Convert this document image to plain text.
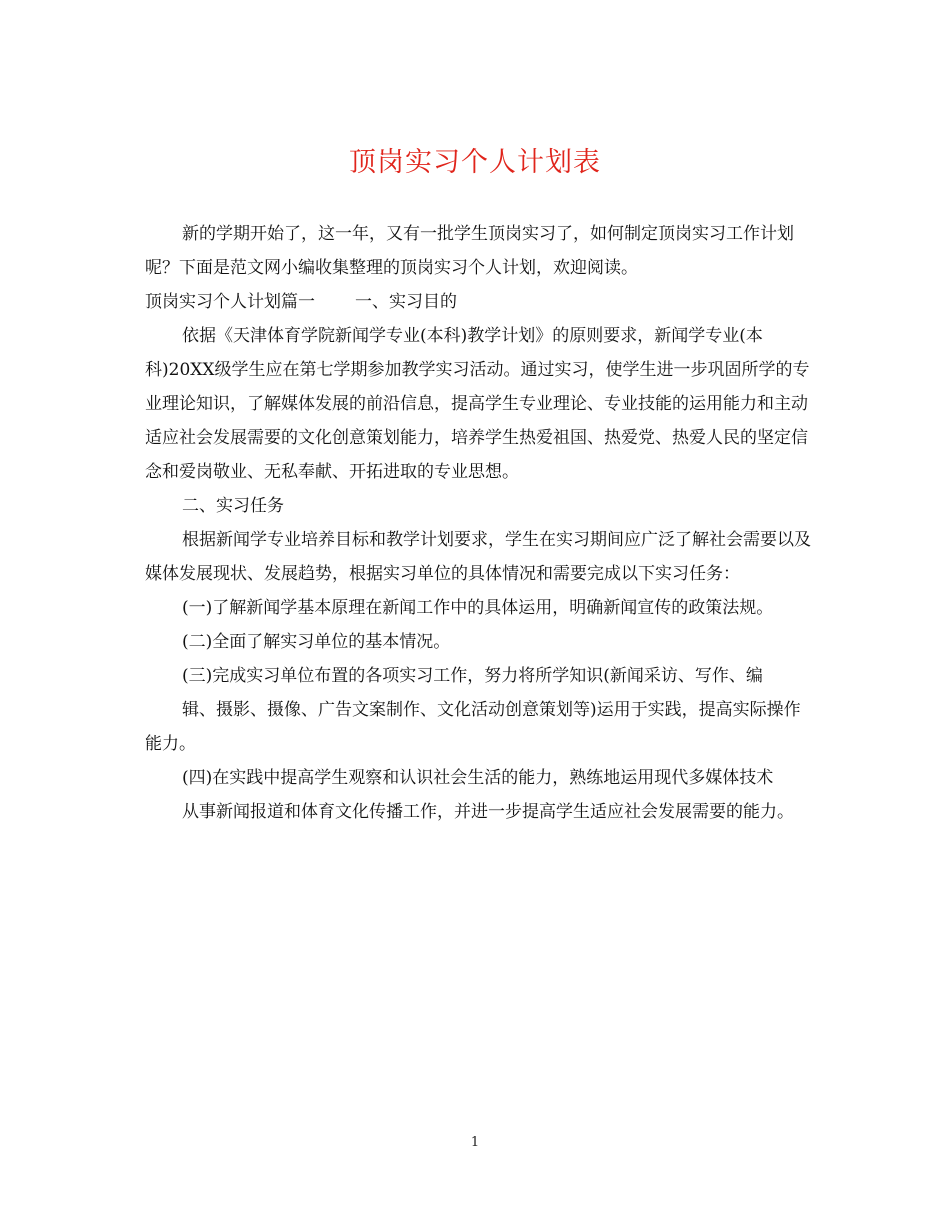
顶岗实习个人计划表

新的学期开始了，这一年，又有一批学生顶岗实习了，如何制定顶岗实习工作计划呢？下面是范文网小编收集整理的顶岗实习个人计划，欢迎阅读。

顶岗实习个人计划篇一 一、实习目的

依据《天津体育学院新闻学专业(本科)教学计划》的原则要求，新闻学专业(本科)20XX级学生应在第七学期参加教学实习活动。通过实习，使学生进一步巩固所学的专业理论知识，了解媒体发展的前沿信息，提高学生专业理论、专业技能的运用能力和主动适应社会发展需要的文化创意策划能力，培养学生热爱祖国、热爱党、热爱人民的坚定信念和爱岗敬业、无私奉献、开拓进取的专业思想。

二、实习任务

根据新闻学专业培养目标和教学计划要求，学生在实习期间应广泛了解社会需要以及媒体发展现状、发展趋势，根据实习单位的具体情况和需要完成以下实习任务：

(一)了解新闻学基本原理在新闻工作中的具体运用，明确新闻宣传的政策法规。

(二)全面了解实习单位的基本情况。

(三)完成实习单位布置的各项实习工作，努力将所学知识(新闻采访、写作、编

辑、摄影、摄像、广告文案制作、文化活动创意策划等)运用于实践，提高实际操作能力。

(四)在实践中提高学生观察和认识社会生活的能力，熟练地运用现代多媒体技术

从事新闻报道和体育文化传播工作，并进一步提高学生适应社会发展需要的能力。

1
